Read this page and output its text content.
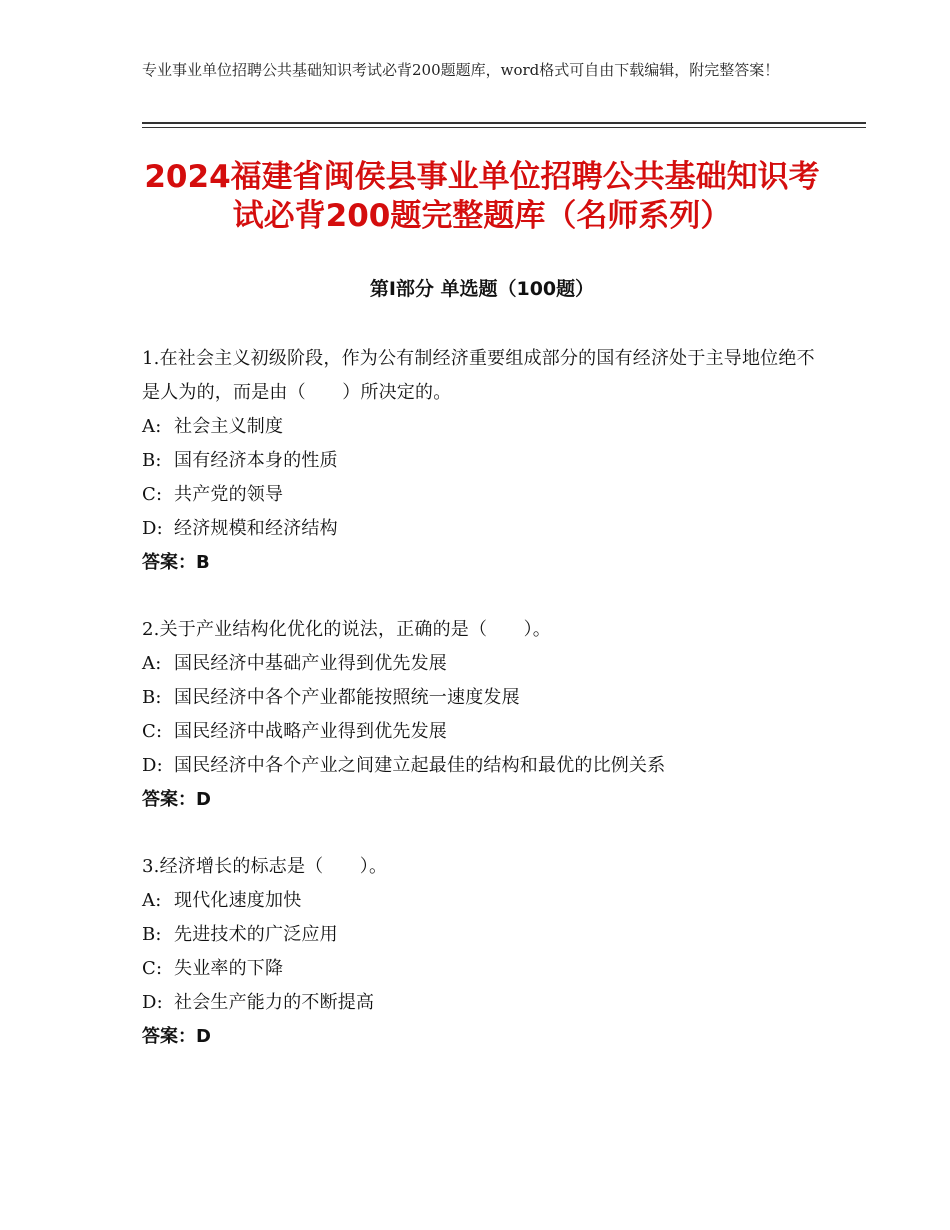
专业事业单位招聘公共基础知识考试必背200题题库，word格式可自由下载编辑，附完整答案！
2024福建省闽侯县事业单位招聘公共基础知识考试必背200题完整题库（名师系列）
第Ⅰ部分 单选题（100题）
1.在社会主义初级阶段，作为公有制经济重要组成部分的国有经济处于主导地位绝不是人为的，而是由（　　）所决定的。
A: 社会主义制度
B: 国有经济本身的性质
C: 共产党的领导
D: 经济规模和经济结构
答案：B
2.关于产业结构化优化的说法，正确的是（　　）。
A: 国民经济中基础产业得到优先发展
B: 国民经济中各个产业都能按照统一速度发展
C: 国民经济中战略产业得到优先发展
D: 国民经济中各个产业之间建立起最佳的结构和最优的比例关系
答案：D
3.经济增长的标志是（　　）。
A: 现代化速度加快
B: 先进技术的广泛应用
C: 失业率的下降
D: 社会生产能力的不断提高
答案：D
